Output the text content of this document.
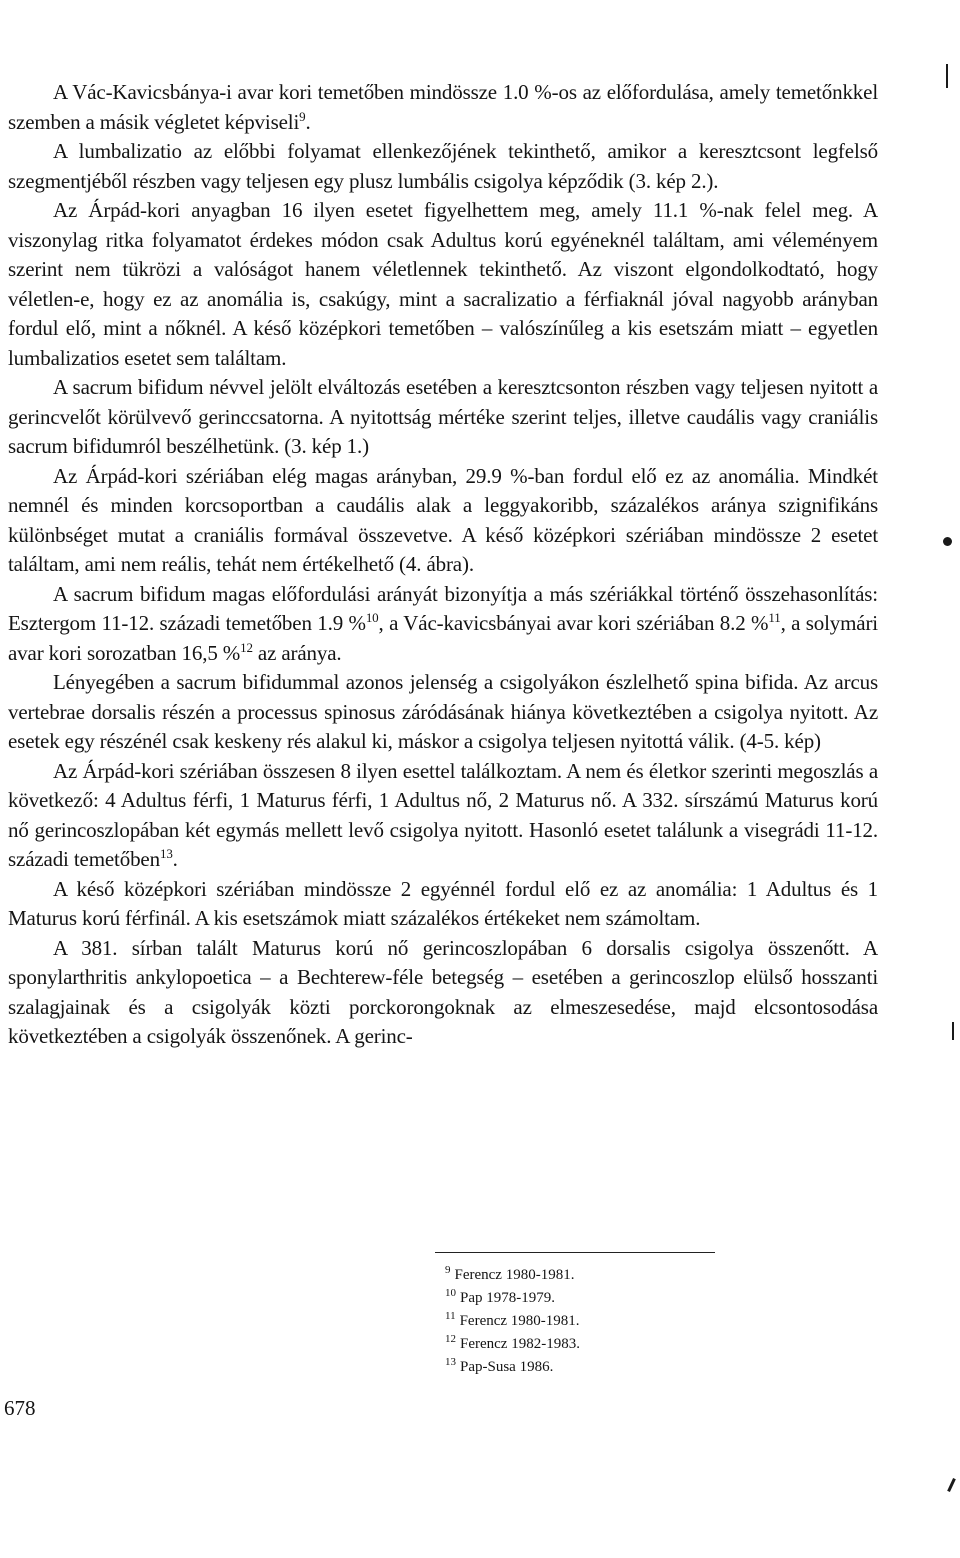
A Vác-Kavicsbánya-i avar kori temetőben mindössze 1.0 %-os az előfordulása, amely temetőnkkel szemben a másik végletet képviseli$^9$.

A lumbalizatio az előbbi folyamat ellenkezőjének tekinthető, amikor a keresztcsont legfelső szegmentjéből részben vagy teljesen egy plusz lumbális csigolya képződik (3. kép 2.).

Az Árpád-kori anyagban 16 ilyen esetet figyelhettem meg, amely 11.1 %-nak felel meg. A viszonylag ritka folyamatot érdekes módon csak Adultus korú egyéneknél találtam, ami véleményem szerint nem tükrözi a valóságot hanem véletlennek tekinthető. Az viszont elgondolkodtató, hogy véletlen-e, hogy ez az anomália is, csakúgy, mint a sacralizatio a férfiaknál jóval nagyobb arányban fordul elő, mint a nőknél. A késő középkori temetőben – valószínűleg a kis esetszám miatt – egyetlen lumbalizatios esetet sem találtam.

A sacrum bifidum névvel jelölt elváltozás esetében a keresztcsonton részben vagy teljesen nyitott a gerincvelőt körülvevő gerinccsatorna. A nyitottság mértéke szerint teljes, illetve caudális vagy craniális sacrum bifidumról beszélhetünk. (3. kép 1.)

Az Árpád-kori szériában elég magas arányban, 29.9 %-ban fordul elő ez az anomália. Mindkét nemnél és minden korcsoportban a caudális alak a leggyakoribb, százalékos aránya szignifikáns különbséget mutat a craniális formával összevetve. A késő középkori szériában mindössze 2 esetet találtam, ami nem reális, tehát nem értékelhető (4. ábra).

A sacrum bifidum magas előfordulási arányát bizonyítja a más szériákkal történő összehasonlítás: Esztergom 11-12. századi temetőben 1.9 %$^{10}$, a Vác-kavicsbányai avar kori szériában 8.2 %$^{11}$, a solymári avar kori sorozatban 16,5 %$^{12}$ az aránya.

Lényegében a sacrum bifidummal azonos jelenség a csigolyákon észlelhető spina bifida. Az arcus vertebrae dorsalis részén a processus spinosus záródásának hiánya következtében a csigolya nyitott. Az esetek egy részénél csak keskeny rés alakul ki, máskor a csigolya teljesen nyitottá válik. (4-5. kép)

Az Árpád-kori szériában összesen 8 ilyen esettel találkoztam. A nem és életkor szerinti megoszlás a következő: 4 Adultus férfi, 1 Maturus férfi, 1 Adultus nő, 2 Maturus nő. A 332. sírszámú Maturus korú nő gerincoszlopában két egymás mellett levő csigolya nyitott. Hasonló esetet találunk a visegrádi 11-12. századi temetőben$^{13}$.

A késő középkori szériában mindössze 2 egyénnél fordul elő ez az anomália: 1 Adultus és 1 Maturus korú férfinál. A kis esetszámok miatt százalékos értékeket nem számoltam.

A 381. sírban talált Maturus korú nő gerincoszlopában 6 dorsalis csigolya összenőtt. A sponylarthritis ankylopoetica – a Bechterew-féle betegség – esetében a gerincoszlop elülső hosszanti szalagjainak és a csigolyák közti porckorongoknak az elmeszesedése, majd elcsontosodása következtében a csigolyák összenőnek. A gerinc-

$^9$ Ferencz 1980-1981.
$^{10}$ Pap 1978-1979.
$^{11}$ Ferencz 1980-1981.
$^{12}$ Ferencz 1982-1983.
$^{13}$ Pap-Susa 1986.
678
